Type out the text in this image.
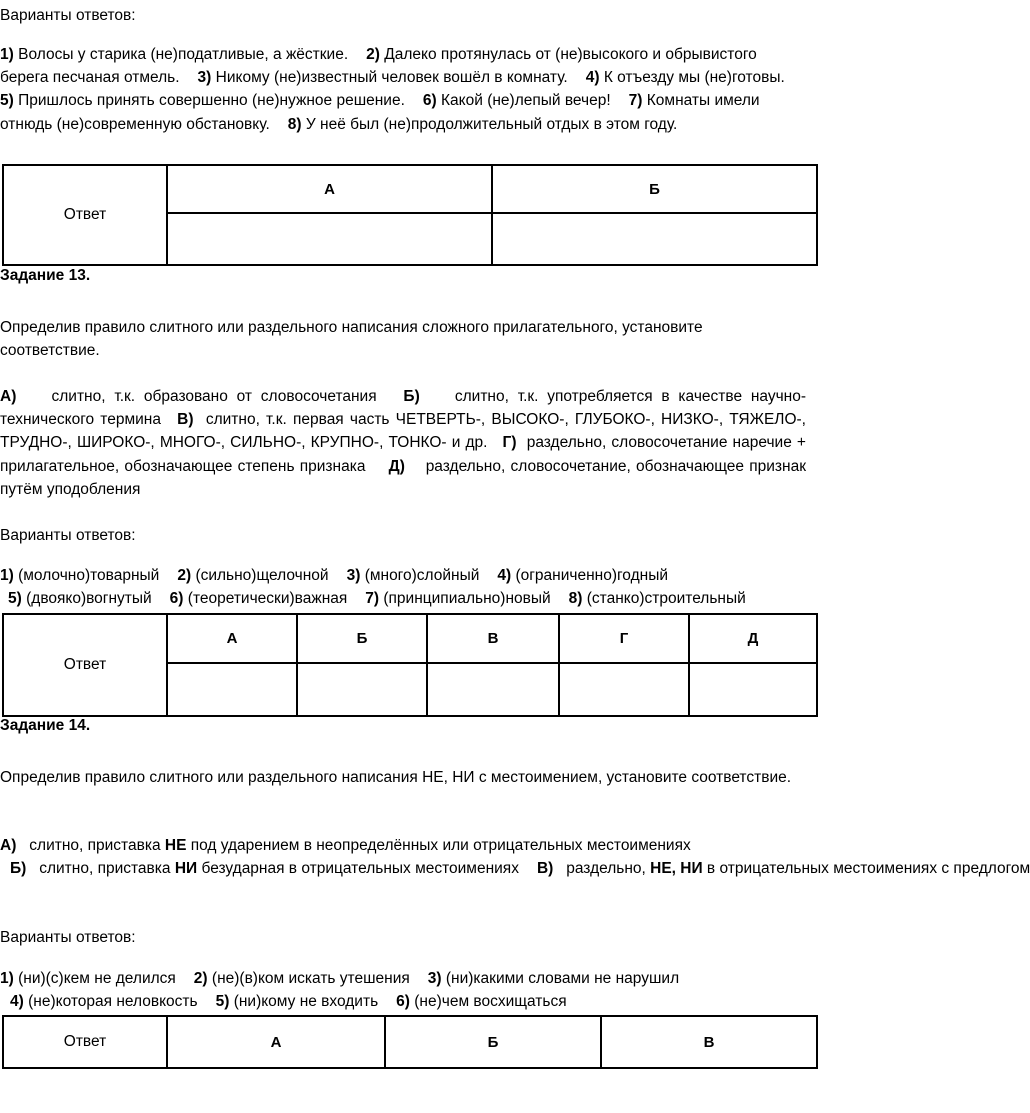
Варианты ответов:

1) Волосы у старика (не)податливые, а жёсткие. 2) Далеко протянулась от (не)высокого и обрывистого берега песчаная отмель. 3) Никому (не)известный человек вошёл в комнату. 4) К отъезду мы (не)готовы.5) Пришлось принять совершенно (не)нужное решение. 6) Какой (не)лепый вечер! 7) Комнаты имели отнюдь (не)современную обстановку. 8) У неё был (не)продолжительный отдых в этом году.

Ответ	А	Б

Задание 13.

Определив правило слитного или раздельного написания сложного прилагательного, установите соответствие.

А) слитно, т.к. образовано от словосочетания Б) слитно, т.к. употребляется в качестве научно-технического термина В) слитно, т.к. первая часть ЧЕТВЕРТЬ-, ВЫСОКО-, ГЛУБОКО-, НИЗКО-, ТЯЖЕЛО-, ТРУДНО-, ШИРОКО-, МНОГО-, СИЛЬНО-, КРУПНО-, ТОНКО- и др. Г) раздельно, словосочетание наречие + прилагательное, обозначающее степень признака Д) раздельно, словосочетание, обозначающее признак путём уподобления

Варианты ответов:

1) (молочно)товарный 2) (сильно)щелочной 3) (много)слойный 4) (ограниченно)годный

5) (двояко)вогнутый 6) (теоретически)важная 7) (принципиально)новый 8) (станко)строительный

Ответ	А	Б	В	Г	Д

Задание 14.

Определив правило слитного или раздельного написания НЕ, НИ с местоимением, установите соответствие.

А) слитно, приставка НЕ под ударением в неопределённых или отрицательных местоимениях

Б) слитно, приставка НИ безударная в отрицательных местоимениях В) раздельно, НЕ, НИ в отрицательных местоимениях с предлогом

Варианты ответов:

1) (ни)(с)кем не делился 2) (не)(в)ком искать утешения 3) (ни)какими словами не нарушил

4) (не)которая неловкость 5) (ни)кому не входить 6) (не)чем восхищаться

Ответ	А	Б	В
